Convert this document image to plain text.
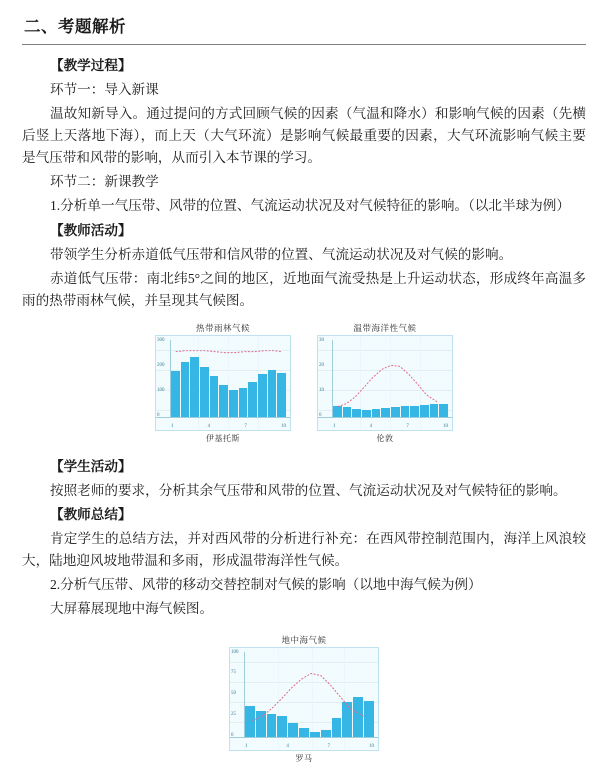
二、考题解析

【教学过程】

环节一：导入新课

温故知新导入。通过提问的方式回顾气候的因素（气温和降水）和影响气候的因素（先横后竖上天落地下海），而上天（大气环流）是影响气候最重要的因素，大气环流影响气候主要是气压带和风带的影响，从而引入本节课的学习。

环节二：新课教学

1.分析单一气压带、风带的位置、气流运动状况及对气候特征的影响。（以北半球为例）

【教师活动】

带领学生分析赤道低气压带和信风带的位置、气流运动状况及对气候的影响。

赤道低气压带：南北纬5°之间的地区，近地面气流受热是上升运动状态，形成终年高温多雨的热带雨林气候，并呈现其气候图。

热带雨林气候
300
200
100
0
1	4	7	10
伊基托斯
温带海洋性气候
30
20
10
0
1	4	7	10
伦敦

【学生活动】

按照老师的要求，分析其余气压带和风带的位置、气流运动状况及对气候特征的影响。

【教师总结】

肯定学生的总结方法，并对西风带的分析进行补充：在西风带控制范围内，海洋上风浪较大，陆地迎风坡地带温和多雨，形成温带海洋性气候。

2.分析气压带、风带的移动交替控制对气候的影响（以地中海气候为例）

大屏幕展现地中海气候图。

地中海气候
100
75
50
25
0
1	4	7	10
罗马
